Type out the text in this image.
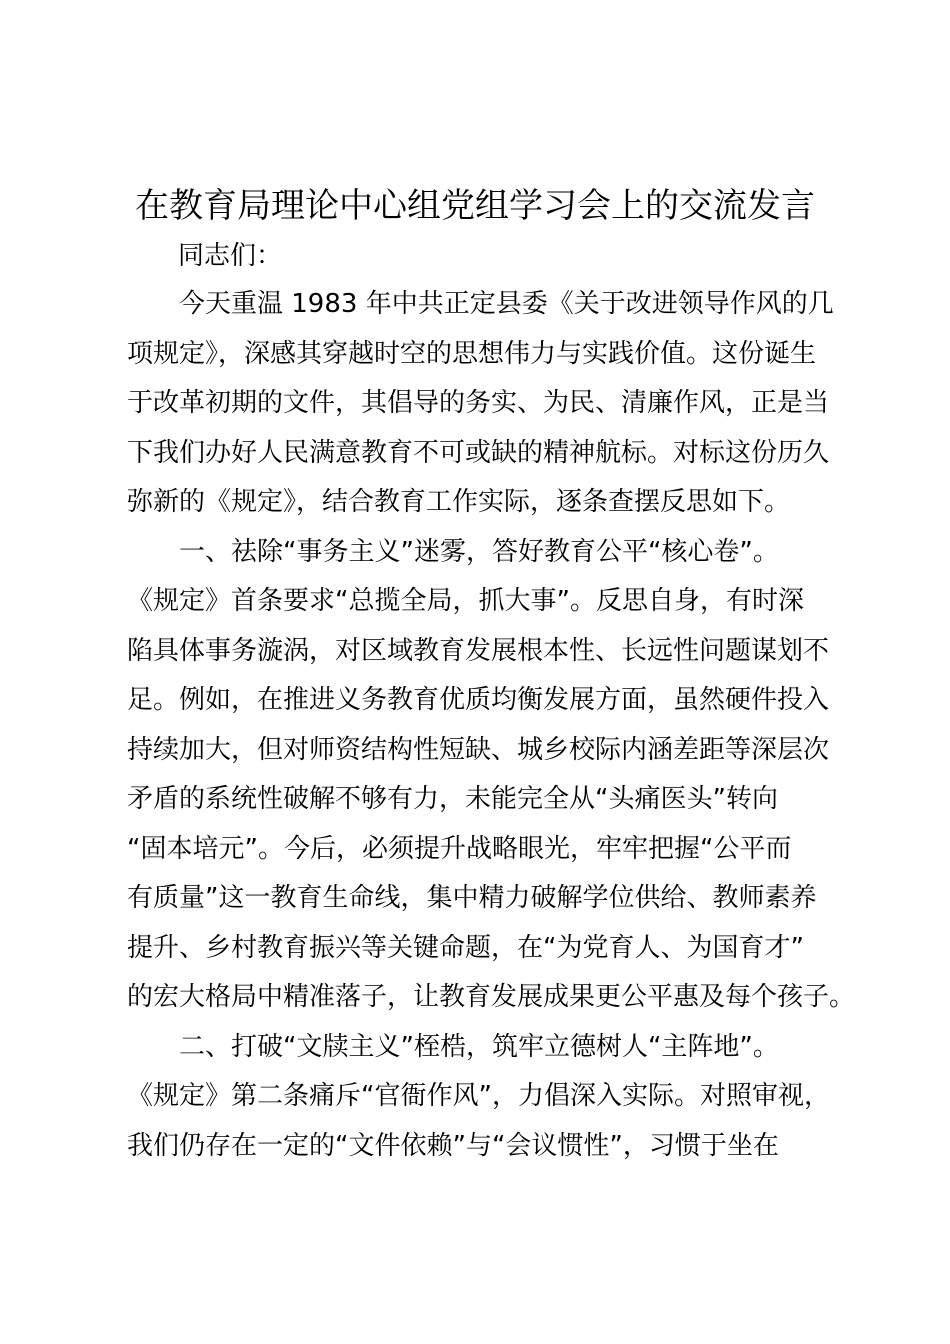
在教育局理论中心组党组学习会上的交流发言
同志们：
　　今天重温 1983 年中共正定县委《关于改进领导作风的几
项规定》，深感其穿越时空的思想伟力与实践价值。这份诞生
于改革初期的文件，其倡导的务实、为民、清廉作风，正是当
下我们办好人民满意教育不可或缺的精神航标。对标这份历久
弥新的《规定》，结合教育工作实际，逐条查摆反思如下。
　　一、祛除“事务主义”迷雾，答好教育公平“核心卷”。
《规定》首条要求“总揽全局，抓大事”。反思自身，有时深
陷具体事务漩涡，对区域教育发展根本性、长远性问题谋划不
足。例如，在推进义务教育优质均衡发展方面，虽然硬件投入
持续加大，但对师资结构性短缺、城乡校际内涵差距等深层次
矛盾的系统性破解不够有力，未能完全从“头痛医头”转向
“固本培元”。今后，必须提升战略眼光，牢牢把握“公平而
有质量”这一教育生命线，集中精力破解学位供给、教师素养
提升、乡村教育振兴等关键命题，在“为党育人、为国育才”
的宏大格局中精准落子，让教育发展成果更公平惠及每个孩子。
　　二、打破“文牍主义”桎梏，筑牢立德树人“主阵地”。
《规定》第二条痛斥“官衙作风”，力倡深入实际。对照审视，
我们仍存在一定的“文件依赖”与“会议惯性”，习惯于坐在
